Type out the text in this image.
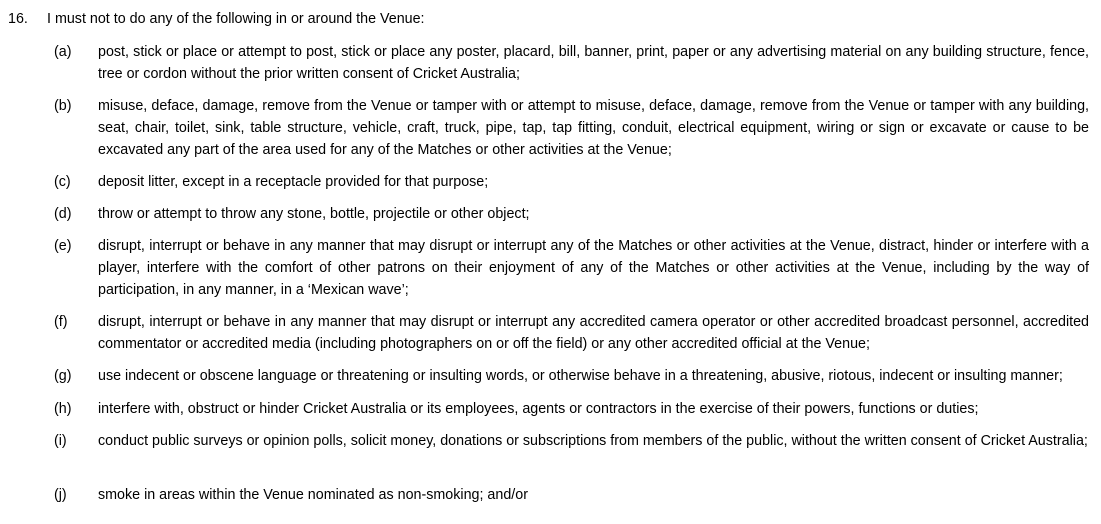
16. I must not to do any of the following in or around the Venue:
(a) post, stick or place or attempt to post, stick or place any poster, placard, bill, banner, print, paper or any advertising material on any building structure, fence, tree or cordon without the prior written consent of Cricket Australia;
(b) misuse, deface, damage, remove from the Venue or tamper with or attempt to misuse, deface, damage, remove from the Venue or tamper with any building, seat, chair, toilet, sink, table structure, vehicle, craft, truck, pipe, tap, tap fitting, conduit, electrical equipment, wiring or sign or excavate or cause to be excavated any part of the area used for any of the Matches or other activities at the Venue;
(c) deposit litter, except in a receptacle provided for that purpose;
(d) throw or attempt to throw any stone, bottle, projectile or other object;
(e) disrupt, interrupt or behave in any manner that may disrupt or interrupt any of the Matches or other activities at the Venue, distract, hinder or interfere with a player, interfere with the comfort of other patrons on their enjoyment of any of the Matches or other activities at the Venue, including by the way of participation, in any manner, in a ‘Mexican wave’;
(f) disrupt, interrupt or behave in any manner that may disrupt or interrupt any accredited camera operator or other accredited broadcast personnel, accredited commentator or accredited media (including photographers on or off the field) or any other accredited official at the Venue;
(g) use indecent or obscene language or threatening or insulting words, or otherwise behave in a threatening, abusive, riotous, indecent or insulting manner;
(h) interfere with, obstruct or hinder Cricket Australia or its employees, agents or contractors in the exercise of their powers, functions or duties;
(i) conduct public surveys or opinion polls, solicit money, donations or subscriptions from members of the public, without the written consent of Cricket Australia;
(j) smoke in areas within the Venue nominated as non-smoking; and/or
